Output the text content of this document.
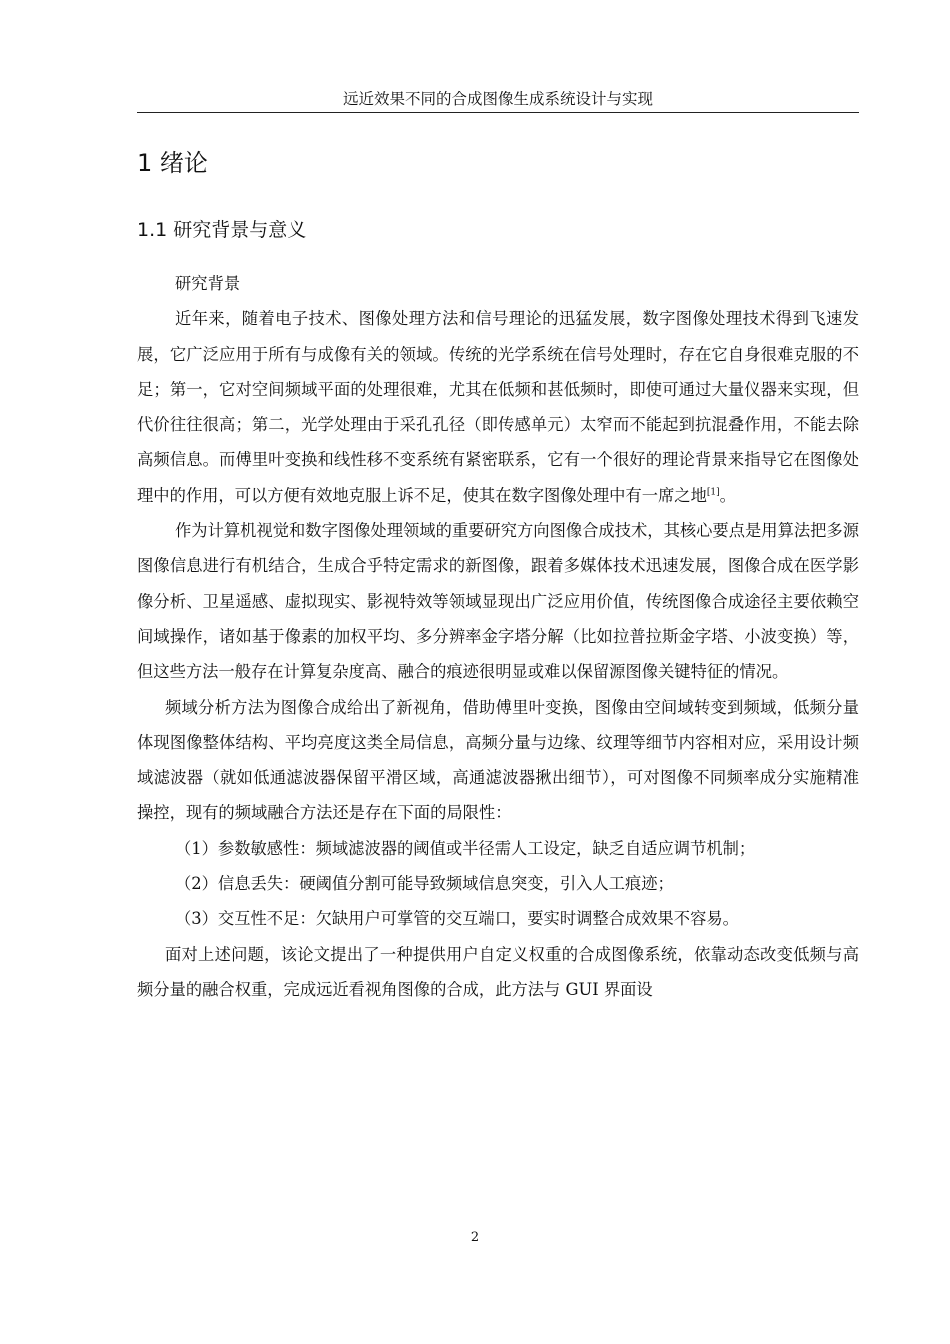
远近效果不同的合成图像生成系统设计与实现
1 绪论
1.1 研究背景与意义

研究背景

近年来，随着电子技术、图像处理方法和信号理论的迅猛发展，数字图像处理技术得到飞速发展，它广泛应用于所有与成像有关的领域。传统的光学系统在信号处理时，存在它自身很难克服的不足；第一，它对空间频域平面的处理很难，尤其在低频和甚低频时，即使可通过大量仪器来实现，但代价往往很高；第二，光学处理由于采孔孔径（即传感单元）太窄而不能起到抗混叠作用，不能去除高频信息。而傅里叶变换和线性移不变系统有紧密联系，它有一个很好的理论背景来指导它在图像处理中的作用，可以方便有效地克服上诉不足，使其在数字图像处理中有一席之地[1]。

作为计算机视觉和数字图像处理领域的重要研究方向图像合成技术，其核心要点是用算法把多源图像信息进行有机结合，生成合乎特定需求的新图像，跟着多媒体技术迅速发展，图像合成在医学影像分析、卫星遥感、虚拟现实、影视特效等领域显现出广泛应用价值，传统图像合成途径主要依赖空间域操作，诸如基于像素的加权平均、多分辨率金字塔分解（比如拉普拉斯金字塔、小波变换）等，但这些方法一般存在计算复杂度高、融合的痕迹很明显或难以保留源图像关键特征的情况。

频域分析方法为图像合成给出了新视角，借助傅里叶变换，图像由空间域转变到频域，低频分量体现图像整体结构、平均亮度这类全局信息，高频分量与边缘、纹理等细节内容相对应，采用设计频域滤波器（就如低通滤波器保留平滑区域，高通滤波器揪出细节），可对图像不同频率成分实施精准操控，现有的频域融合方法还是存在下面的局限性：

（1）参数敏感性：频域滤波器的阈值或半径需人工设定，缺乏自适应调节机制；

（2）信息丢失：硬阈值分割可能导致频域信息突变，引入人工痕迹；

（3）交互性不足：欠缺用户可掌管的交互端口，要实时调整合成效果不容易。

面对上述问题，该论文提出了一种提供用户自定义权重的合成图像系统，依靠动态改变低频与高频分量的融合权重，完成远近看视角图像的合成，此方法与 GUI 界面设

2
